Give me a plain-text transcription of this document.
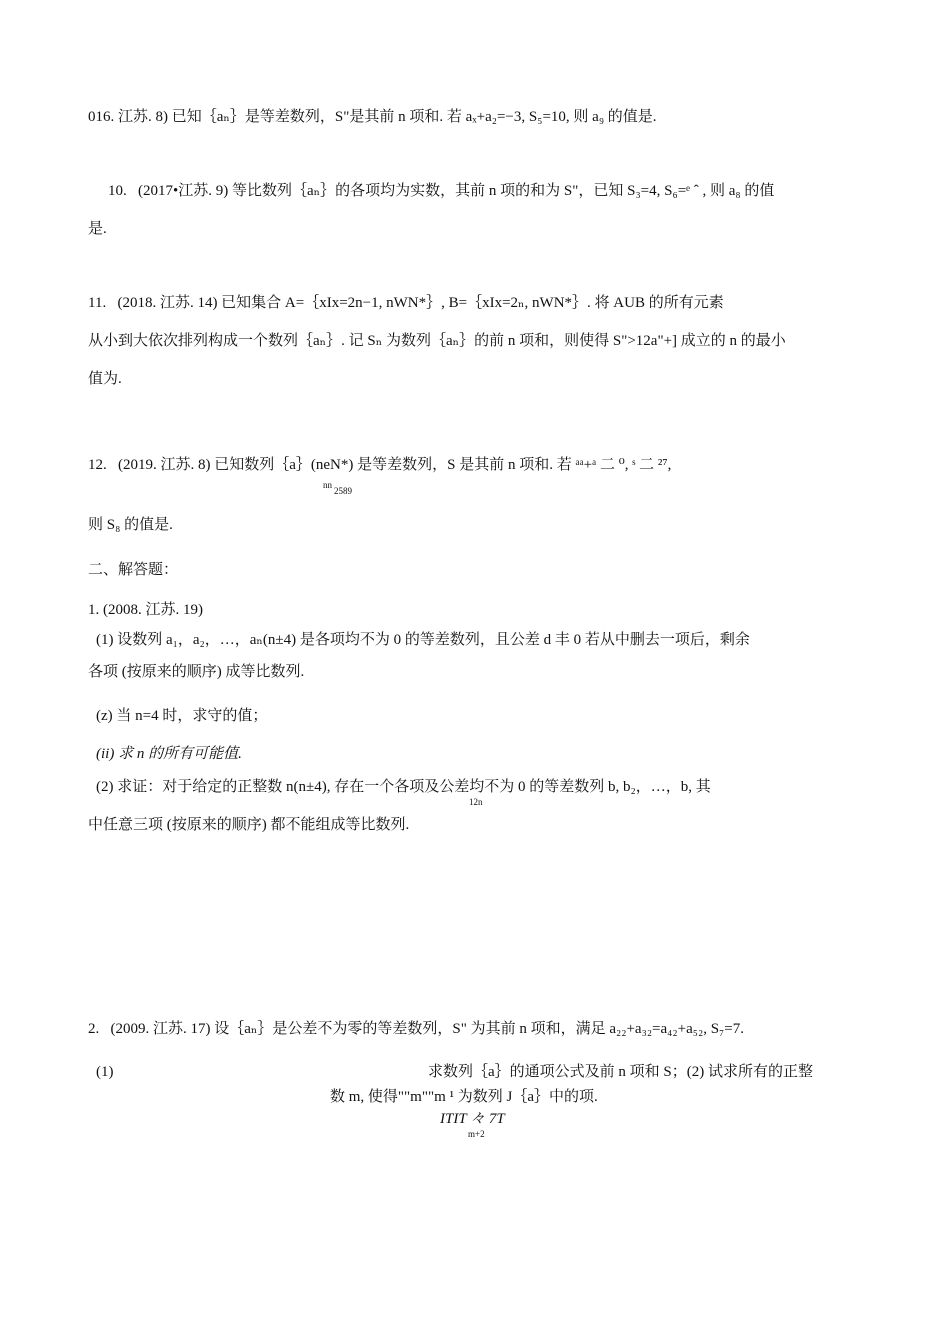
016. 江苏. 8) 已知｛aₙ｝是等差数列，S"是其前 n 项和. 若 aₓ+a₂=−3, S₅=10, 则 a₉ 的值是.
10.   (2017•江苏. 9) 等比数列｛aₙ｝的各项均为实数，其前 n 项的和为 S"，已知 S₃=4, S₆=ᵉ ˆ , 则 a₈ 的值
是.
11.   (2018. 江苏. 14) 已知集合 A=｛xIx=2n−1, nWN*｝, B=｛xIx=2ₙ, nWN*｝. 将 AUB 的所有元素
从小到大依次排列构成一个数列｛aₙ｝. 记 Sₙ 为数列｛aₙ｝的前 n 项和，则使得 S">12a"+] 成立的 n 的最小
值为.
12.   (2019. 江苏. 8) 已知数列｛a｝(neN*) 是等差数列，S 是其前 n 项和. 若 ᵃᵃ+ᵃ 二 ⁰, ˢ 二 ²⁷,
nn
2589
则 S₈ 的值是.
二、解答题：
1. (2008. 江苏. 19)
(1) 设数列 a₁，a₂，…，aₙ(n±4) 是各项均不为 0 的等差数列，且公差 d 丰 0 若从中删去一项后，剩余
各项 (按原来的顺序) 成等比数列.
(z) 当 n=4 时，求守的值；
(ii) 求 n 的所有可能值.
(2) 求证：对于给定的正整数 n(n±4), 存在一个各项及公差均不为 0 的等差数列 b, b₂，…，b, 其
12n
中任意三项 (按原来的顺序) 都不能组成等比数列.
2.   (2009. 江苏. 17) 设｛aₙ｝是公差不为零的等差数列，S" 为其前 n 项和，满足 a₂₂+a₃₂=a₄₂+a₅₂, S₇=7.
(1)	求数列｛a｝的通项公式及前 n 项和 S；(2) 试求所有的正整
数 m, 使得""m""m ¹ 为数列 J｛a｝中的项.
ITIT 々 7T
m+2
